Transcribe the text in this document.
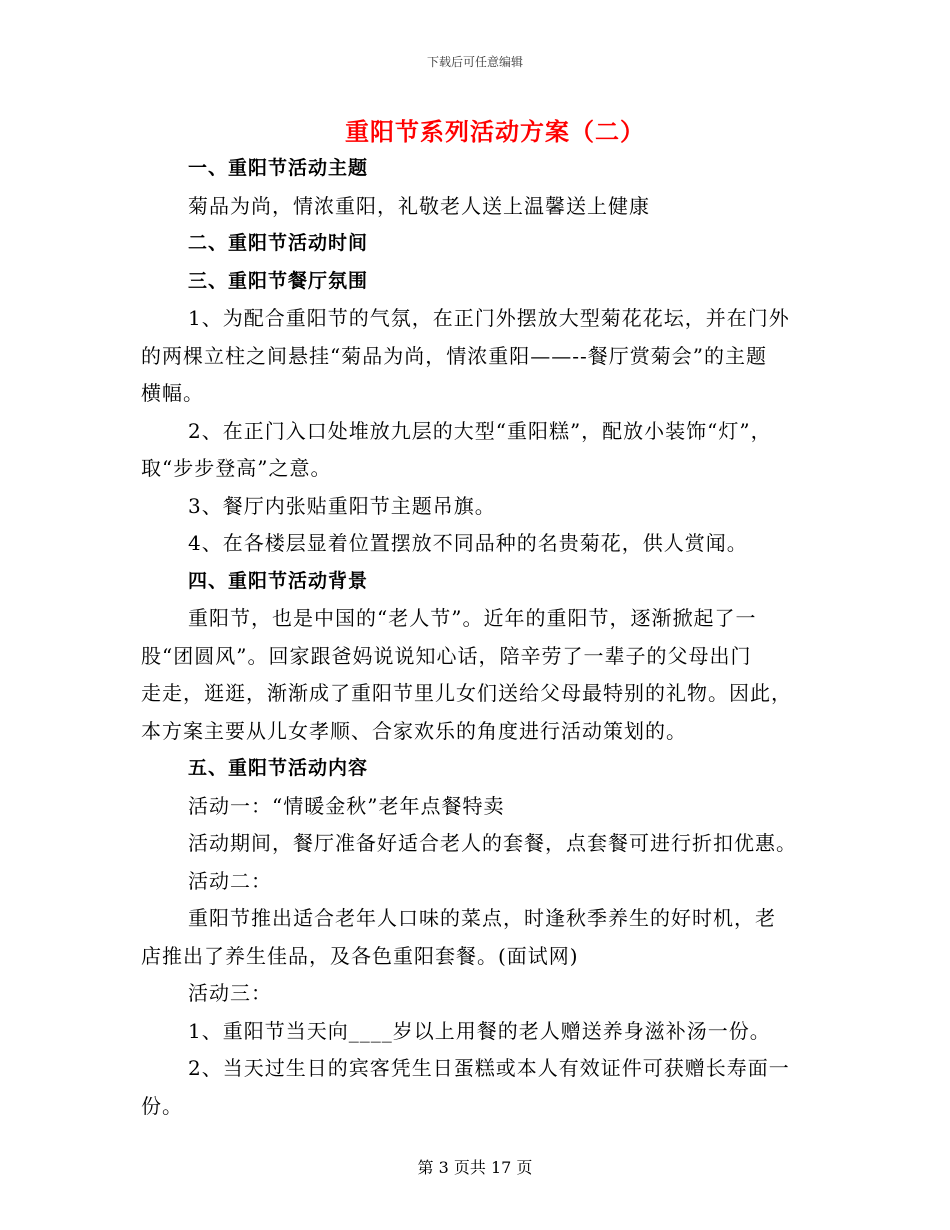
下载后可任意编辑
重阳节系列活动方案（二）
一、重阳节活动主题
菊品为尚，情浓重阳，礼敬老人送上温馨送上健康
二、重阳节活动时间
三、重阳节餐厅氛围
1、为配合重阳节的气氛，在正门外摆放大型菊花花坛，并在门外
的两棵立柱之间悬挂“菊品为尚，情浓重阳——--餐厅赏菊会”的主题
横幅。
2、在正门入口处堆放九层的大型“重阳糕”，配放小装饰“灯”，
取“步步登高”之意。
3、餐厅内张贴重阳节主题吊旗。
4、在各楼层显着位置摆放不同品种的名贵菊花，供人赏闻。
四、重阳节活动背景
重阳节，也是中国的“老人节”。近年的重阳节，逐渐掀起了一
股“团圆风”。回家跟爸妈说说知心话，陪辛劳了一辈子的父母出门
走走，逛逛，渐渐成了重阳节里儿女们送给父母最特别的礼物。因此，
本方案主要从儿女孝顺、合家欢乐的角度进行活动策划的。
五、重阳节活动内容
活动一：“情暖金秋”老年点餐特卖
活动期间，餐厅准备好适合老人的套餐，点套餐可进行折扣优惠。
活动二：
重阳节推出适合老年人口味的菜点，时逢秋季养生的好时机，老
店推出了养生佳品，及各色重阳套餐。(面试网)
活动三：
1、重阳节当天向____岁以上用餐的老人赠送养身滋补汤一份。
2、当天过生日的宾客凭生日蛋糕或本人有效证件可获赠长寿面一
份。
第 3 页共 17 页
